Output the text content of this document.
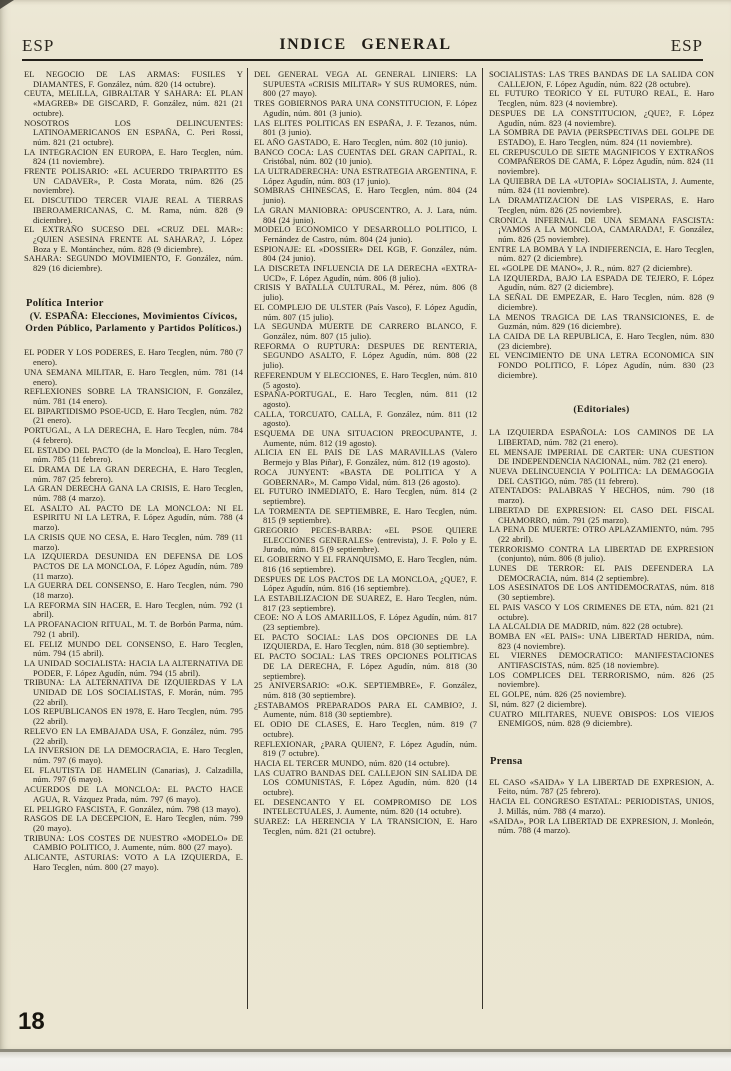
ESP	INDICE GENERAL	ESP

EL NEGOCIO DE LAS ARMAS: FUSILES Y DIAMANTES, F. González, núm. 820 (14 octubre).

CEUTA, MELILLA, GIBRALTAR Y SAHARA: EL PLAN «MAGREB» DE GISCARD, F. González, núm. 821 (21 octubre).

NOSOTROS LOS DELINCUENTES: LATINOAMERICANOS EN ESPAÑA, C. Peri Rossi, núm. 821 (21 octubre).

LA INTEGRACION EN EUROPA, E. Haro Tecglen, núm. 824 (11 noviembre).

FRENTE POLISARIO: «EL ACUERDO TRIPARTITO ES UN CADAVER», P. Costa Morata, núm. 826 (25 noviembre).

EL DISCUTIDO TERCER VIAJE REAL A TIERRAS IBEROAMERICANAS, C. M. Rama, núm. 828 (9 diciembre).

EL EXTRAÑO SUCESO DEL «CRUZ DEL MAR»: ¿QUIEN ASESINA FRENTE AL SAHARA?, J. López Boza y E. Montánchez, núm. 828 (9 diciembre).

SAHARA: SEGUNDO MOVIMIENTO, F. González, núm. 829 (16 diciembre).

Política Interior
(V. ESPAÑA: Elecciones, Movimientos Cívicos, Orden Público, Parlamento y Partidos Políticos.)

EL PODER Y LOS PODERES, E. Haro Tecglen, núm. 780 (7 enero).

UNA SEMANA MILITAR, E. Haro Tecglen, núm. 781 (14 enero).

REFLEXIONES SOBRE LA TRANSICION, F. González, núm. 781 (14 enero).

EL BIPARTIDISMO PSOE-UCD, E. Haro Tecglen, núm. 782 (21 enero).

PORTUGAL, A LA DERECHA, E. Haro Tecglen, núm. 784 (4 febrero).

EL ESTADO DEL PACTO (de la Moncloa), E. Haro Tecglen, núm. 785 (11 febrero).

EL DRAMA DE LA GRAN DERECHA, E. Haro Tecglen, núm. 787 (25 febrero).

LA GRAN DERECHA GANA LA CRISIS, E. Haro Tecglen, núm. 788 (4 marzo).

EL ASALTO AL PACTO DE LA MONCLOA: NI EL ESPIRITU NI LA LETRA, F. López Agudín, núm. 788 (4 marzo).

LA CRISIS QUE NO CESA, E. Haro Tecglen, núm. 789 (11 marzo).

LA IZQUIERDA DESUNIDA EN DEFENSA DE LOS PACTOS DE LA MONCLOA, F. López Agudín, núm. 789 (11 marzo).

LA GUERRA DEL CONSENSO, E. Haro Tecglen, núm. 790 (18 marzo).

LA REFORMA SIN HACER, E. Haro Tecglen, núm. 792 (1 abril).

LA PROFANACION RITUAL, M. T. de Borbón Parma, núm. 792 (1 abril).

EL FELIZ MUNDO DEL CONSENSO, E. Haro Tecglen, núm. 794 (15 abril).

LA UNIDAD SOCIALISTA: HACIA LA ALTERNATIVA DE PODER, F. López Agudín, núm. 794 (15 abril).

TRIBUNA: LA ALTERNATIVA DE IZQUIERDAS Y LA UNIDAD DE LOS SOCIALISTAS, F. Morán, núm. 795 (22 abril).

LOS REPUBLICANOS EN 1978, E. Haro Tecglen, núm. 795 (22 abril).

RELEVO EN LA EMBAJADA USA, F. González, núm. 795 (22 abril).

LA INVERSION DE LA DEMOCRACIA, E. Haro Tecglen, núm. 797 (6 mayo).

EL FLAUTISTA DE HAMELIN (Canarias), J. Calzadilla, núm. 797 (6 mayo).

ACUERDOS DE LA MONCLOA: EL PACTO HACE AGUA, R. Vázquez Prada, núm. 797 (6 mayo).

EL PELIGRO FASCISTA, F. González, núm. 798 (13 mayo).

RASGOS DE LA DECEPCION, E. Haro Tecglen, núm. 799 (20 mayo).

TRIBUNA: LOS COSTES DE NUESTRO «MODELO» DE CAMBIO POLITICO, J. Aumente, núm. 800 (27 mayo).

ALICANTE, ASTURIAS: VOTO A LA IZQUIERDA, E. Haro Tecglen, núm. 800 (27 mayo).

DEL GENERAL VEGA AL GENERAL LINIERS: LA SUPUESTA «CRISIS MILITAR» Y SUS RUMORES, núm. 800 (27 mayo).

TRES GOBIERNOS PARA UNA CONSTITUCION, F. López Agudín, núm. 801 (3 junio).

LAS ELITES POLITICAS EN ESPAÑA, J. F. Tezanos, núm. 801 (3 junio).

EL AÑO GASTADO, E. Haro Tecglen, núm. 802 (10 junio).

BANCO COCA: LAS CUENTAS DEL GRAN CAPITAL, R. Cristóbal, núm. 802 (10 junio).

LA ULTRADERECHA: UNA ESTRATEGIA ARGENTINA, F. López Agudín, núm. 803 (17 junio).

SOMBRAS CHINESCAS, E. Haro Tecglen, núm. 804 (24 junio).

LA GRAN MANIOBRA: OPUSCENTRO, A. J. Lara, núm. 804 (24 junio).

MODELO ECONOMICO Y DESARROLLO POLITICO, I. Fernández de Castro, núm. 804 (24 junio).

ESPIONAJE: EL «DOSSIER» DEL KGB, F. González, núm. 804 (24 junio).

LA DISCRETA INFLUENCIA DE LA DERECHA «EXTRA-UCD», F. López Agudín, núm. 806 (8 julio).

CRISIS Y BATALLA CULTURAL, M. Pérez, núm. 806 (8 julio).

EL COMPLEJO DE ULSTER (País Vasco), F. López Agudín, núm. 807 (15 julio).

LA SEGUNDA MUERTE DE CARRERO BLANCO, F. González, núm. 807 (15 julio).

REFORMA O RUPTURA: DESPUES DE RENTERIA, SEGUNDO ASALTO, F. López Agudín, núm. 808 (22 julio).

REFERENDUM Y ELECCIONES, E. Haro Tecglen, núm. 810 (5 agosto).

ESPAÑA-PORTUGAL, E. Haro Tecglen, núm. 811 (12 agosto).

CALLA, TORCUATO, CALLA, F. González, núm. 811 (12 agosto).

ESQUEMA DE UNA SITUACION PREOCUPANTE, J. Aumente, núm. 812 (19 agosto).

ALICIA EN EL PAIS DE LAS MARAVILLAS (Valero Bermejo y Blas Piñar), F. González, núm. 812 (19 agosto).

ROCA JUNYENT: «BASTA DE POLITICA Y A GOBERNAR», M. Campo Vidal, núm. 813 (26 agosto).

EL FUTURO INMEDIATO, E. Haro Tecglen, núm. 814 (2 septiembre).

LA TORMENTA DE SEPTIEMBRE, E. Haro Tecglen, núm. 815 (9 septiembre).

GREGORIO PECES-BARBA: «EL PSOE QUIERE ELECCIONES GENERALES» (entrevista), J. F. Polo y E. Jurado, núm. 815 (9 septiembre).

EL GOBIERNO Y EL FRANQUISMO, E. Haro Tecglen, núm. 816 (16 septiembre).

DESPUES DE LOS PACTOS DE LA MONCLOA, ¿QUE?, F. López Agudín, núm. 816 (16 septiembre).

LA ESTABILIZACION DE SUAREZ, E. Haro Tecglen, núm. 817 (23 septiembre).

CEOE: NO A LOS AMARILLOS, F. López Agudín, núm. 817 (23 septiembre).

EL PACTO SOCIAL: LAS DOS OPCIONES DE LA IZQUIERDA, E. Haro Tecglen, núm. 818 (30 septiembre).

EL PACTO SOCIAL: LAS TRES OPCIONES POLITICAS DE LA DERECHA, F. López Agudín, núm. 818 (30 septiembre).

25 ANIVERSARIO: «O.K. SEPTIEMBRE», F. González, núm. 818 (30 septiembre).

¿ESTABAMOS PREPARADOS PARA EL CAMBIO?, J. Aumente, núm. 818 (30 septiembre).

EL ODIO DE CLASES, E. Haro Tecglen, núm. 819 (7 octubre).

REFLEXIONAR, ¿PARA QUIEN?, F. López Agudín, núm. 819 (7 octubre).

HACIA EL TERCER MUNDO, núm. 820 (14 octubre).

LAS CUATRO BANDAS DEL CALLEJON SIN SALIDA DE LOS COMUNISTAS, F. López Agudín, núm. 820 (14 octubre).

EL DESENCANTO Y EL COMPROMISO DE LOS INTELECTUALES, J. Aumente, núm. 820 (14 octubre).

SUAREZ: LA HERENCIA Y LA TRANSICION, E. Haro Tecglen, núm. 821 (21 octubre).

SOCIALISTAS: LAS TRES BANDAS DE LA SALIDA CON CALLEJON, F. López Agudín, núm. 822 (28 octubre).

EL FUTURO TEORICO Y EL FUTURO REAL, E. Haro Tecglen, núm. 823 (4 noviembre).

DESPUES DE LA CONSTITUCION, ¿QUE?, F. López Agudín, núm. 823 (4 noviembre).

LA SOMBRA DE PAVIA (PERSPECTIVAS DEL GOLPE DE ESTADO), E. Haro Tecglen, núm. 824 (11 noviembre).

EL CREPUSCULO DE SIETE MAGNIFICOS Y EXTRAÑOS COMPAÑEROS DE CAMA, F. López Agudín, núm. 824 (11 noviembre).

LA QUIEBRA DE LA «UTOPIA» SOCIALISTA, J. Aumente, núm. 824 (11 noviembre).

LA DRAMATIZACION DE LAS VISPERAS, E. Haro Tecglen, núm. 826 (25 noviembre).

CRONICA INFERNAL DE UNA SEMANA FASCISTA: ¡VAMOS A LA MONCLOA, CAMARADA!, F. González, núm. 826 (25 noviembre).

ENTRE LA BOMBA Y LA INDIFERENCIA, E. Haro Tecglen, núm. 827 (2 diciembre).

EL «GOLPE DE MANO», J. R., núm. 827 (2 diciembre).

LA IZQUIERDA, BAJO LA ESPADA DE TEJERO, F. López Agudín, núm. 827 (2 diciembre).

LA SEÑAL DE EMPEZAR, E. Haro Tecglen, núm. 828 (9 diciembre).

LA MENOS TRAGICA DE LAS TRANSICIONES, E. de Guzmán, núm. 829 (16 diciembre).

LA CAIDA DE LA REPUBLICA, E. Haro Tecglen, núm. 830 (23 diciembre).

EL VENCIMIENTO DE UNA LETRA ECONOMICA SIN FONDO POLITICO, F. López Agudín, núm. 830 (23 diciembre).

(Editoriales)

LA IZQUIERDA ESPAÑOLA: LOS CAMINOS DE LA LIBERTAD, núm. 782 (21 enero).

EL MENSAJE IMPERIAL DE CARTER: UNA CUESTION DE INDEPENDENCIA NACIONAL, núm. 782 (21 enero).

NUEVA DELINCUENCIA Y POLITICA: LA DEMAGOGIA DEL CASTIGO, núm. 785 (11 febrero).

ATENTADOS: PALABRAS Y HECHOS, núm. 790 (18 marzo).

LIBERTAD DE EXPRESION: EL CASO DEL FISCAL CHAMORRO, núm. 791 (25 marzo).

LA PENA DE MUERTE: OTRO APLAZAMIENTO, núm. 795 (22 abril).

TERRORISMO CONTRA LA LIBERTAD DE EXPRESION (conjunto), núm. 806 (8 julio).

LUNES DE TERROR: EL PAIS DEFENDERA LA DEMOCRACIA, núm. 814 (2 septiembre).

LOS ASESINATOS DE LOS ANTIDEMOCRATAS, núm. 818 (30 septiembre).

EL PAIS VASCO Y LOS CRIMENES DE ETA, núm. 821 (21 octubre).

LA ALCALDIA DE MADRID, núm. 822 (28 octubre).

BOMBA EN «EL PAIS»: UNA LIBERTAD HERIDA, núm. 823 (4 noviembre).

EL VIERNES DEMOCRATICO: MANIFESTACIONES ANTIFASCISTAS, núm. 825 (18 noviembre).

LOS COMPLICES DEL TERRORISMO, núm. 826 (25 noviembre).

EL GOLPE, núm. 826 (25 noviembre).

SI, núm. 827 (2 diciembre).

CUATRO MILITARES, NUEVE OBISPOS: LOS VIEJOS ENEMIGOS, núm. 828 (9 diciembre).

Prensa

EL CASO «SAIDA» Y LA LIBERTAD DE EXPRESION, A. Feito, núm. 787 (25 febrero).

HACIA EL CONGRESO ESTATAL: PERIODISTAS, UNIOS, J. Millás, núm. 788 (4 marzo).

«SAIDA», POR LA LIBERTAD DE EXPRESION, J. Monleón, núm. 788 (4 marzo).

18
